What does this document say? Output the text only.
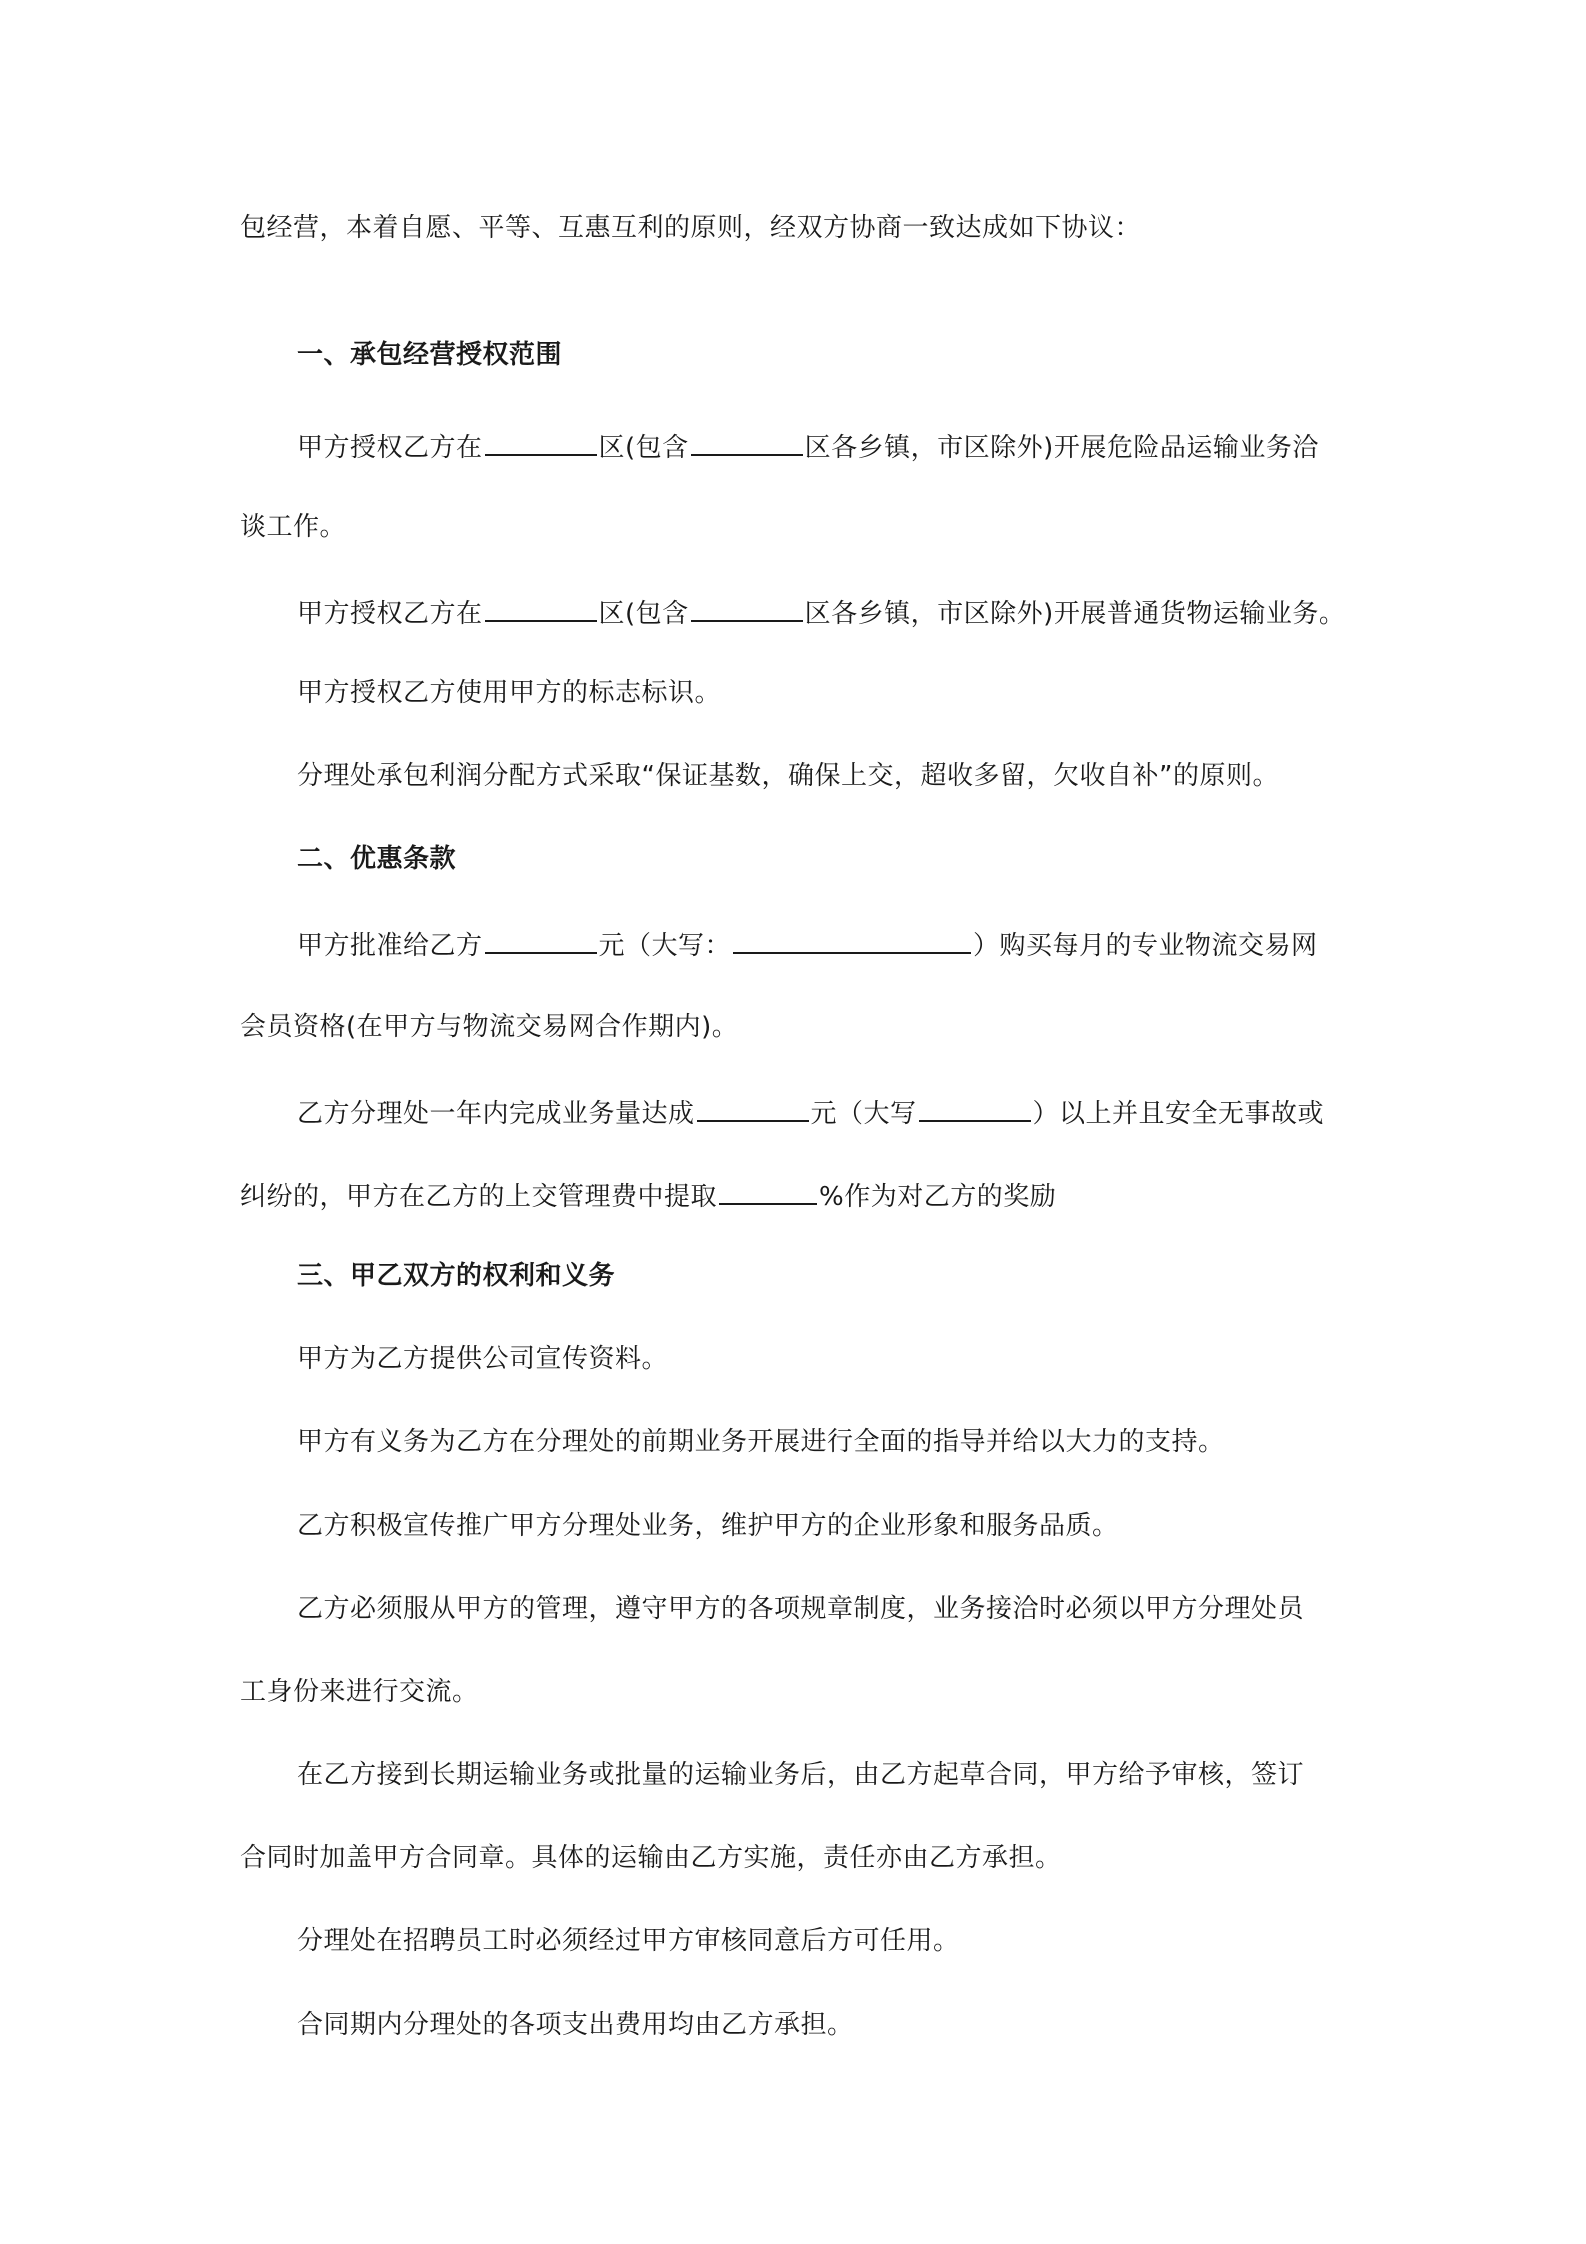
包经营，本着自愿、平等、互惠互利的原则，经双方协商一致达成如下协议：
一、承包经营授权范围
甲方授权乙方在	区(包含	区各乡镇，市区除外)开展危险品运输业务洽
谈工作。
甲方授权乙方在	区(包含	区各乡镇，市区除外)开展普通货物运输业务。
甲方授权乙方使用甲方的标志标识。
分理处承包利润分配方式采取“保证基数，确保上交，超收多留，欠收自补”的原则。
二、优惠条款
甲方批准给乙方	元（大写：	）购买每月的专业物流交易网
会员资格(在甲方与物流交易网合作期内)。
乙方分理处一年内完成业务量达成	元（大写	）以上并且安全无事故或
纠纷的，甲方在乙方的上交管理费中提取	%作为对乙方的奖励
三、甲乙双方的权利和义务
甲方为乙方提供公司宣传资料。
甲方有义务为乙方在分理处的前期业务开展进行全面的指导并给以大力的支持。
乙方积极宣传推广甲方分理处业务，维护甲方的企业形象和服务品质。
乙方必须服从甲方的管理，遵守甲方的各项规章制度，业务接洽时必须以甲方分理处员
工身份来进行交流。
在乙方接到长期运输业务或批量的运输业务后，由乙方起草合同，甲方给予审核，签订
合同时加盖甲方合同章。具体的运输由乙方实施，责任亦由乙方承担。
分理处在招聘员工时必须经过甲方审核同意后方可任用。
合同期内分理处的各项支出费用均由乙方承担。
